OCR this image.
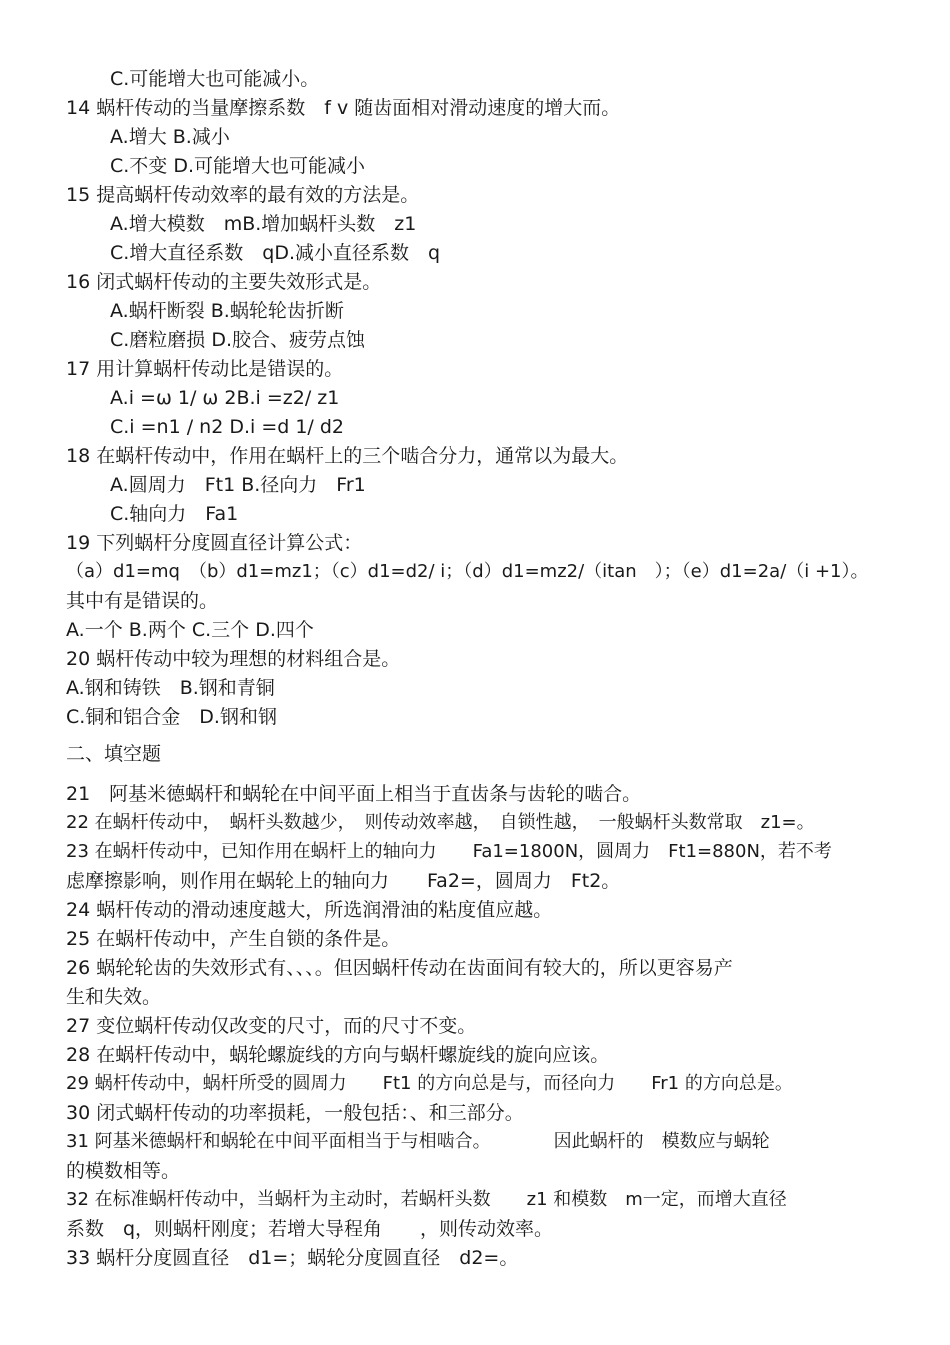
C.可能增大也可能减小。
14 蜗杆传动的当量摩擦系数　f v 随齿面相对滑动速度的增大而。
A.增大 B.减小
C.不变 D.可能增大也可能减小
15 提高蜗杆传动效率的最有效的方法是。
A.增大模数　mB.增加蜗杆头数　z1
C.增大直径系数　qD.减小直径系数　q
16 闭式蜗杆传动的主要失效形式是。
A.蜗杆断裂 B.蜗轮轮齿折断
C.磨粒磨损 D.胶合、疲劳点蚀
17 用计算蜗杆传动比是错误的。
A.i =ω 1/ ω 2B.i =z2/ z1
C.i =n1 / n2 D.i =d 1/ d2
18 在蜗杆传动中，作用在蜗杆上的三个啮合分力，通常以为最大。
A.圆周力　Ft1 B.径向力　Fr1
C.轴向力　Fa1
19 下列蜗杆分度圆直径计算公式：
（a）d1=mq　（b）d1=mz1；（c）d1=d2/ i；（d）d1=mz2/（itan　）；（e）d1=2a/（i +1）。
其中有是错误的。
A.一个 B.两个 C.三个 D.四个
20 蜗杆传动中较为理想的材料组合是。
A.钢和铸铁　B.钢和青铜
C.铜和铝合金　D.钢和钢
二、填空题
21　阿基米德蜗杆和蜗轮在中间平面上相当于直齿条与齿轮的啮合。
22 在蜗杆传动中，　蜗杆头数越少，　则传动效率越，　自锁性越，　一般蜗杆头数常取　z1=。
23 在蜗杆传动中，已知作用在蜗杆上的轴向力　　Fa1=1800N，圆周力　Ft1=880N，若不考
虑摩擦影响，则作用在蜗轮上的轴向力　　Fa2=，圆周力　Ft2。
24 蜗杆传动的滑动速度越大，所选润滑油的粘度值应越。
25 在蜗杆传动中，产生自锁的条件是。
26 蜗轮轮齿的失效形式有、、、。但因蜗杆传动在齿面间有较大的，所以更容易产
生和失效。
27 变位蜗杆传动仅改变的尺寸，而的尺寸不变。
28 在蜗杆传动中，蜗轮螺旋线的方向与蜗杆螺旋线的旋向应该。
29 蜗杆传动中，蜗杆所受的圆周力　　Ft1 的方向总是与，而径向力　　Fr1 的方向总是。
30 闭式蜗杆传动的功率损耗，一般包括：、和三部分。
31 阿基米德蜗杆和蜗轮在中间平面相当于与相啮合。　　　　因此蜗杆的　模数应与蜗轮
的模数相等。
32 在标准蜗杆传动中，当蜗杆为主动时，若蜗杆头数　　z1 和模数　m一定，而增大直径
系数　q，则蜗杆刚度；若增大导程角　　，则传动效率。
33 蜗杆分度圆直径　d1=；蜗轮分度圆直径　d2=。
